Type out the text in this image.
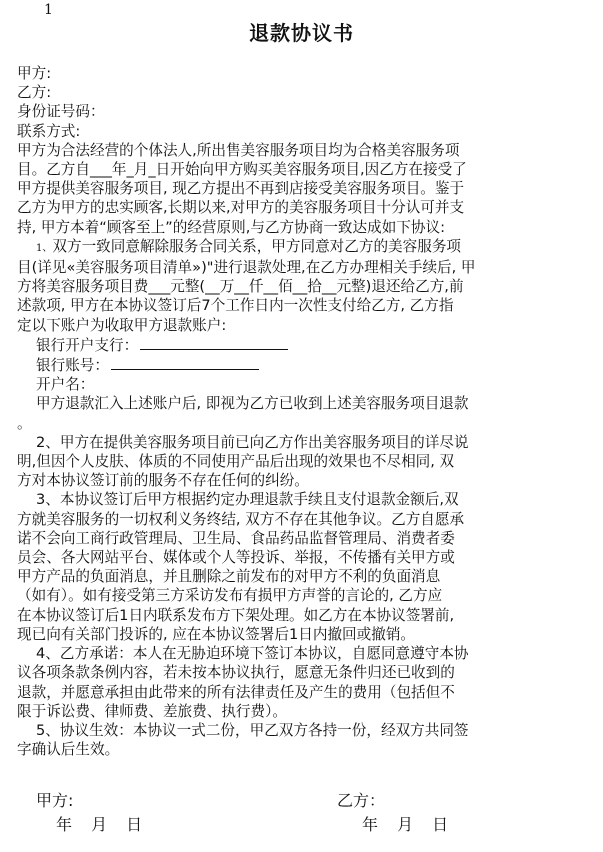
1
退款协议书
甲方:
乙方:
身份证号码：
联系方式:
甲方为合法经营的个体法人,所出售美容服务项目均为合格美容服务项
目。乙方自___年_月_日开始向甲方购买美容服务项目,因乙方在接受了
甲方提供美容服务项目, 现乙方提出不再到店接受美容服务项目。鉴于
乙方为甲方的忠实顾客,长期以来,对甲方的美容服务项目十分认可并支
持, 甲方本着“顾客至上”的经营原则,与乙方协商一致达成如下协议:
1、双方一致同意解除服务合同关系，甲方同意对乙方的美容服务项
目(详见«美容服务项目清单»)"进行退款处理,在乙方办理相关手续后, 甲
方将美容服务项目费___元整(__万__仟__佰__拾__元整)退还给乙方,前
述款项, 甲方在本协议签订后7个工作日内一次性支付给乙方, 乙方指
定以下账户为收取甲方退款账户:
银行开户支行：
银行账号：
开户名：
甲方退款汇入上述账户后, 即视为乙方已收到上述美容服务项目退款
。
2、甲方在提供美容服务项目前已向乙方作出美容服务项目的详尽说
明,但因个人皮肤、体质的不同使用产品后出现的效果也不尽相同, 双
方对本协议签订前的服务不存在任何的纠纷。
3、本协议签订后甲方根据约定办理退款手续且支付退款金额后,双
方就美容服务的一切权利义务终结, 双方不存在其他争议。乙方自愿承
诺不会向工商行政管理局、卫生局、食品药品监督管理局、消费者委
员会、各大网站平台、媒体或个人等投诉、举报，不传播有关甲方或
甲方产品的负面消息，并且删除之前发布的对甲方不利的负面消息
（如有）。如有接受第三方采访发布有损甲方声誉的言论的, 乙方应
在本协议签订后1日内联系发布方下架处理。如乙方在本协议签署前,
现已向有关部门投诉的, 应在本协议签署后1日内撤回或撤销。
4、乙方承诺：本人在无胁迫环境下签订本协议，自愿同意遵守本协
议各项条款条例内容，若未按本协议执行，愿意无条件归还已收到的
退款，并愿意承担由此带来的所有法律责任及产生的费用（包括但不
限于诉讼费、律师费、差旅费、执行费）。
5、协议生效：本协议一式二份，甲乙双方各持一份，经双方共同签
字确认后生效。
甲方:	乙方：
年 月 日	年 月 日
